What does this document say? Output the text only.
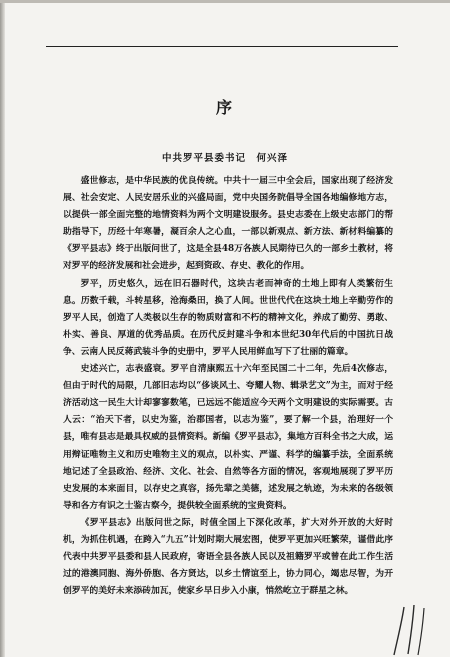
序
中共罗平县委书记　何兴泽

盛世修志，是中华民族的优良传统。中共十一届三中全会后，国家出现了经济发展、社会安定、人民安居乐业的兴盛局面，党中央国务院倡导全国各地编修地方志，以提供一部全面完整的地情资料为两个文明建设服务。县史志委在上级史志部门的帮助指导下，历经十年寒暑，凝百余人之心血，一部以新观点、新方法、新材料编纂的《罗平县志》终于出版问世了，这是全县48万各族人民期待已久的一部乡土教材，将对罗平的经济发展和社会进步，起到资政、存史、教化的作用。

罗平，历史悠久，远在旧石器时代，这块古老而神奇的土地上即有人类繁衍生息。历数千载，斗转星移，沧海桑田，换了人间。世世代代在这块土地上辛勤劳作的罗平人民，创造了人类极以生存的物质财富和不朽的精神文化，养成了勤劳、勇敢、朴实、善良、厚道的优秀品质。在历代反封建斗争和本世纪30年代后的中国抗日战争、云南人民反蒋武装斗争的史册中，罗平人民用鲜血写下了壮丽的篇章。

史述兴亡，志表盛衰。罗平自清康熙五十六年至民国二十二年，先后4次修志，但由于时代的局限，几部旧志均以“侈谈风土、夸耀人物、辑录艺文”为主，而对于经济活动这一民生大计却寥寥数笔，已远远不能适应今天两个文明建设的实际需要。古人云：“治天下者，以史为鉴，治郡国者，以志为鉴”，要了解一个县，治理好一个县，唯有县志是最具权威的县情资料。新编《罗平县志》，集地方百科全书之大成，运用辩证唯物主义和历史唯物主义的观点，以朴实、严谨、科学的编纂手法，全面系统地记述了全县政治、经济、文化、社会、自然等各方面的情况，客观地展现了罗平历史发展的本来面目，以存史之真容，扬先辈之美德，述发展之轨迹，为未来的各级领导和各方有识之士鉴古察今，提供较全面系统的宝贵资料。

《罗平县志》出版问世之际，时值全国上下深化改革，扩大对外开放的大好时机，为抓住机遇，在跨入“九五”计划时期大展宏图，使罗平更加兴旺繁荣，谨借此序代表中共罗平县委和县人民政府，寄语全县各族人民以及祖籍罗平或曾在此工作生活过的港澳同胞、海外侨胞、各方贤达，以乡土情谊至上，协力同心，竭忠尽智，为开创罗平的美好未来添砖加瓦，使家乡早日步入小康，悄然屹立于群星之林。
